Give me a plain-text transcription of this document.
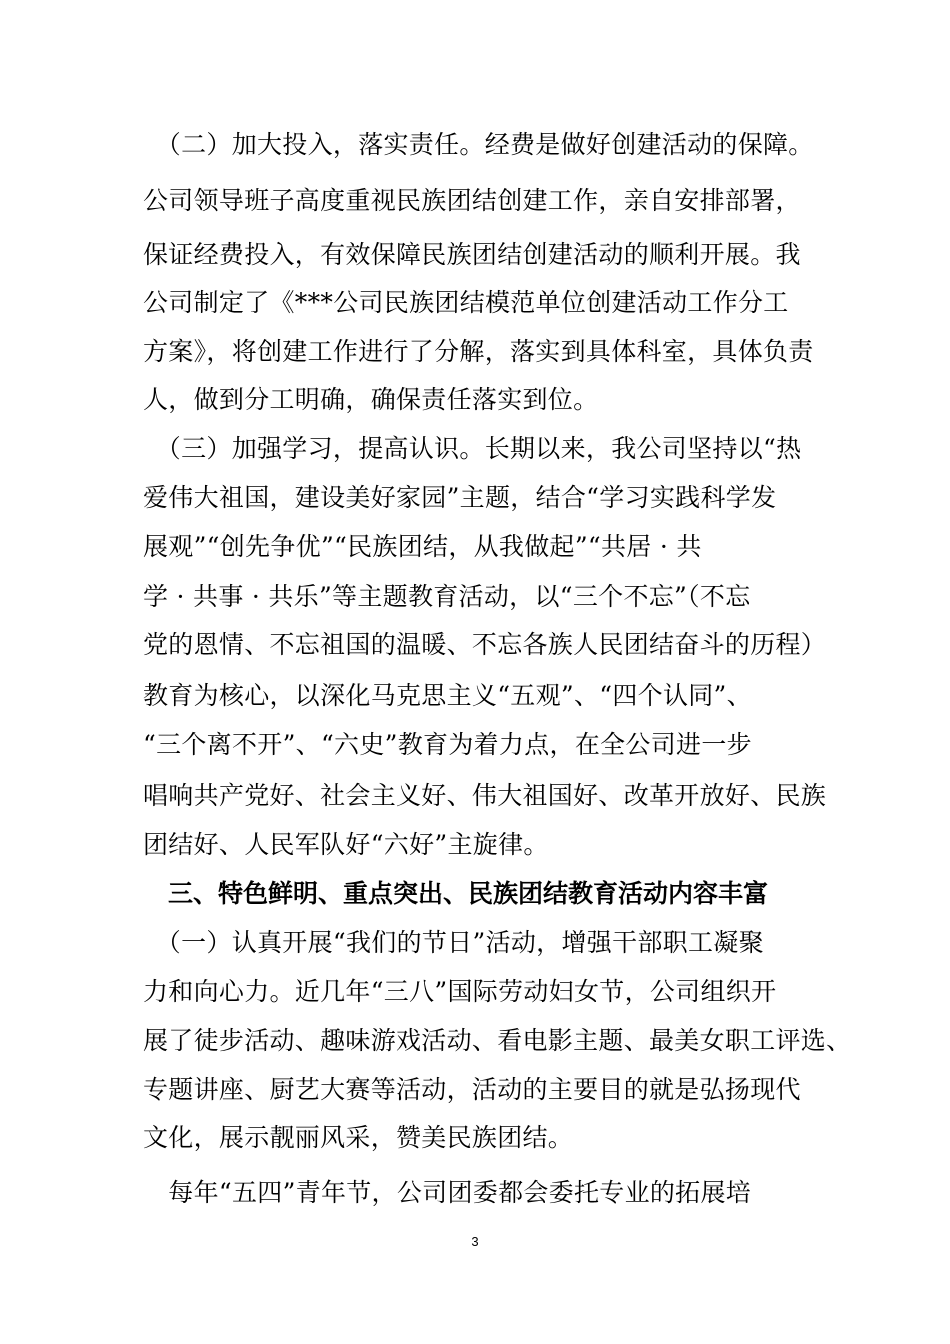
　（二）加大投入，落实责任。经费是做好创建活动的保障。
公司领导班子高度重视民族团结创建工作，亲自安排部署，
保证经费投入，有效保障民族团结创建活动的顺利开展。我
公司制定了《***公司民族团结模范单位创建活动工作分工
方案》，将创建工作进行了分解，落实到具体科室，具体负责
人，做到分工明确，确保责任落实到位。
　（三）加强学习，提高认识。长期以来，我公司坚持以“热
爱伟大祖国，建设美好家园”主题，结合“学习实践科学发
展观”“创先争优”“民族团结，从我做起”“共居 · 共
学 · 共事 · 共乐”等主题教育活动，以“三个不忘”（不忘
党的恩情、不忘祖国的温暖、不忘各族人民团结奋斗的历程）
教育为核心，以深化马克思主义“五观”、“四个认同”、
“三个离不开”、“六史”教育为着力点，在全公司进一步
唱响共产党好、社会主义好、伟大祖国好、改革开放好、民族
团结好、人民军队好“六好”主旋律。
　三、特色鲜明、重点突出、民族团结教育活动内容丰富
　（一）认真开展“我们的节日”活动，增强干部职工凝聚
力和向心力。近几年“三八”国际劳动妇女节，公司组织开
展了徒步活动、趣味游戏活动、看电影主题、最美女职工评选、
专题讲座、厨艺大赛等活动，活动的主要目的就是弘扬现代
文化，展示靓丽风采，赞美民族团结。
　每年“五四”青年节，公司团委都会委托专业的拓展培
3
